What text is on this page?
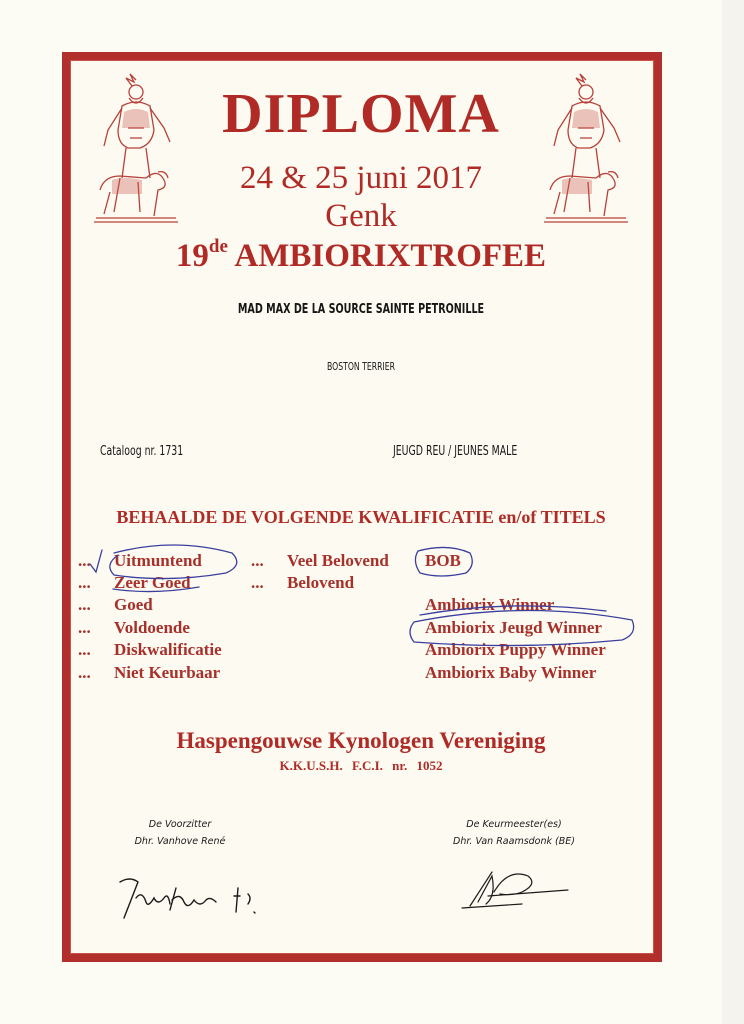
DIPLOMA
24 & 25 juni 2017
Genk
19de AMBIORIXTROFEE
MAD MAX DE LA SOURCE SAINTE PETRONILLE
BOSTON TERRIER
Cataloog nr. 1731	JEUGD REU / JEUNES MALE
BEHAALDE DE VOLGENDE KWALIFICATIE en/of TITELS
... Uitmuntend
... Zeer Goed
... Goed
... Voldoende
... Diskwalificatie
... Niet Keurbaar
... Veel Belovend
... Belovend
BOB
Ambiorix Winner
Ambiorix Jeugd Winner
Ambiorix Puppy Winner
Ambiorix Baby Winner
Haspengouwse Kynologen Vereniging
K.K.U.S.H. F.C.I. nr. 1052
De Voorzitter
Dhr. Vanhove René
De Keurmeester(es)
Dhr. Van Raamsdonk (BE)
